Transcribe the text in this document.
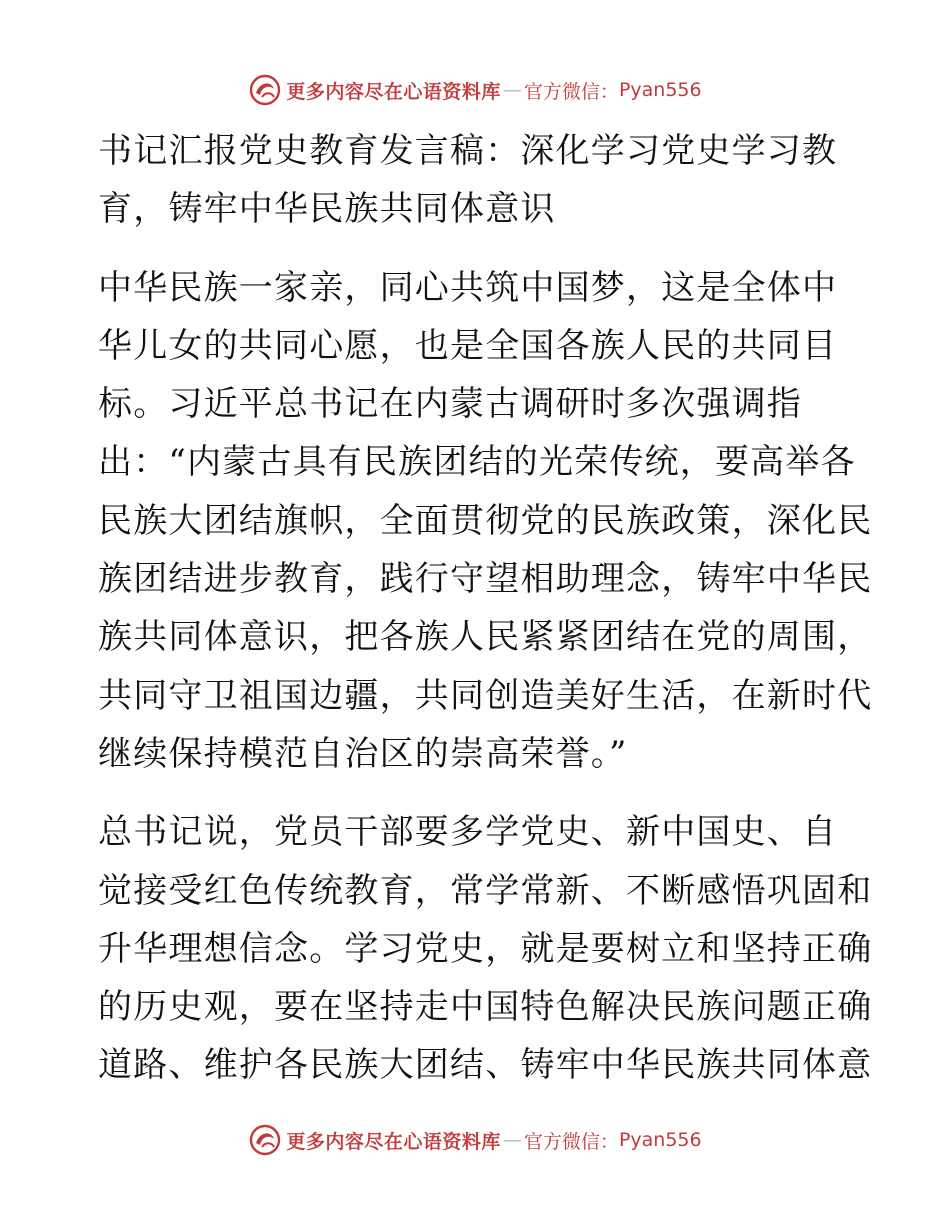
更多内容尽在心语资料库 — 官方微信： Pyan556
书记汇报党史教育发言稿：深化学习党史学习教
育，铸牢中华民族共同体意识
中华民族一家亲，同心共筑中国梦，这是全体中
华儿女的共同心愿，也是全国各族人民的共同目
标。习近平总书记在内蒙古调研时多次强调指
出：“内蒙古具有民族团结的光荣传统，要高举各
民族大团结旗帜，全面贯彻党的民族政策，深化民
族团结进步教育，践行守望相助理念，铸牢中华民
族共同体意识，把各族人民紧紧团结在党的周围，
共同守卫祖国边疆，共同创造美好生活，在新时代
继续保持模范自治区的崇高荣誉。”
总书记说，党员干部要多学党史、新中国史、自
觉接受红色传统教育，常学常新、不断感悟巩固和
升华理想信念。学习党史，就是要树立和坚持正确
的历史观，要在坚持走中国特色解决民族问题正确
道路、维护各民族大团结、铸牢中华民族共同体意
更多内容尽在心语资料库 — 官方微信： Pyan556
